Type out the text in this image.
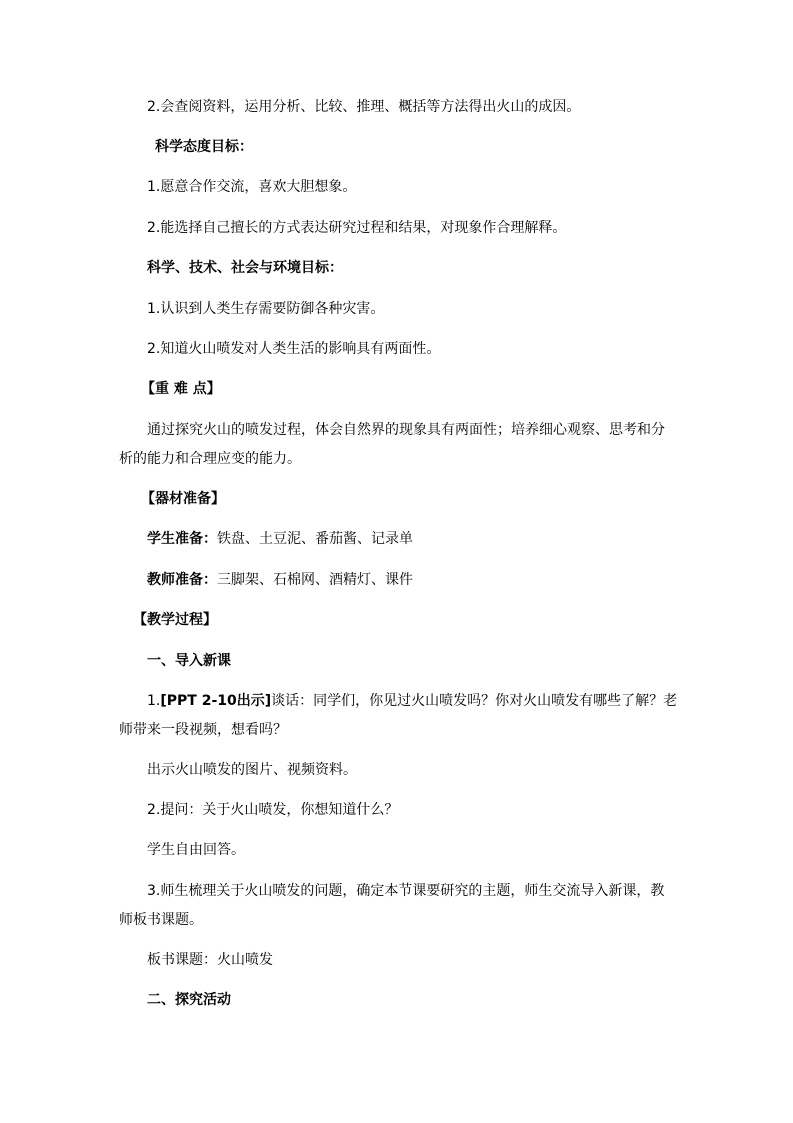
2.会查阅资料，运用分析、比较、推理、概括等方法得出火山的成因。
科学态度目标：
1.愿意合作交流，喜欢大胆想象。
2.能选择自己擅长的方式表达研究过程和结果，对现象作合理解释。
科学、技术、社会与环境目标：
1.认识到人类生存需要防御各种灾害。
2.知道火山喷发对人类生活的影响具有两面性。
【重 难 点】
通过探究火山的喷发过程，体会自然界的现象具有两面性；培养细心观察、思考和分
析的能力和合理应变的能力。
【器材准备】
学生准备：铁盘、土豆泥、番茄酱、记录单
教师准备：三脚架、石棉网、酒精灯、课件
【教学过程】
一、导入新课
1.[PPT 2-10出示]谈话：同学们，你见过火山喷发吗？你对火山喷发有哪些了解？老
师带来一段视频，想看吗？
出示火山喷发的图片、视频资料。
2.提问：关于火山喷发，你想知道什么？
学生自由回答。
3.师生梳理关于火山喷发的问题，确定本节课要研究的主题，师生交流导入新课，教
师板书课题。
板书课题：火山喷发
二、探究活动
